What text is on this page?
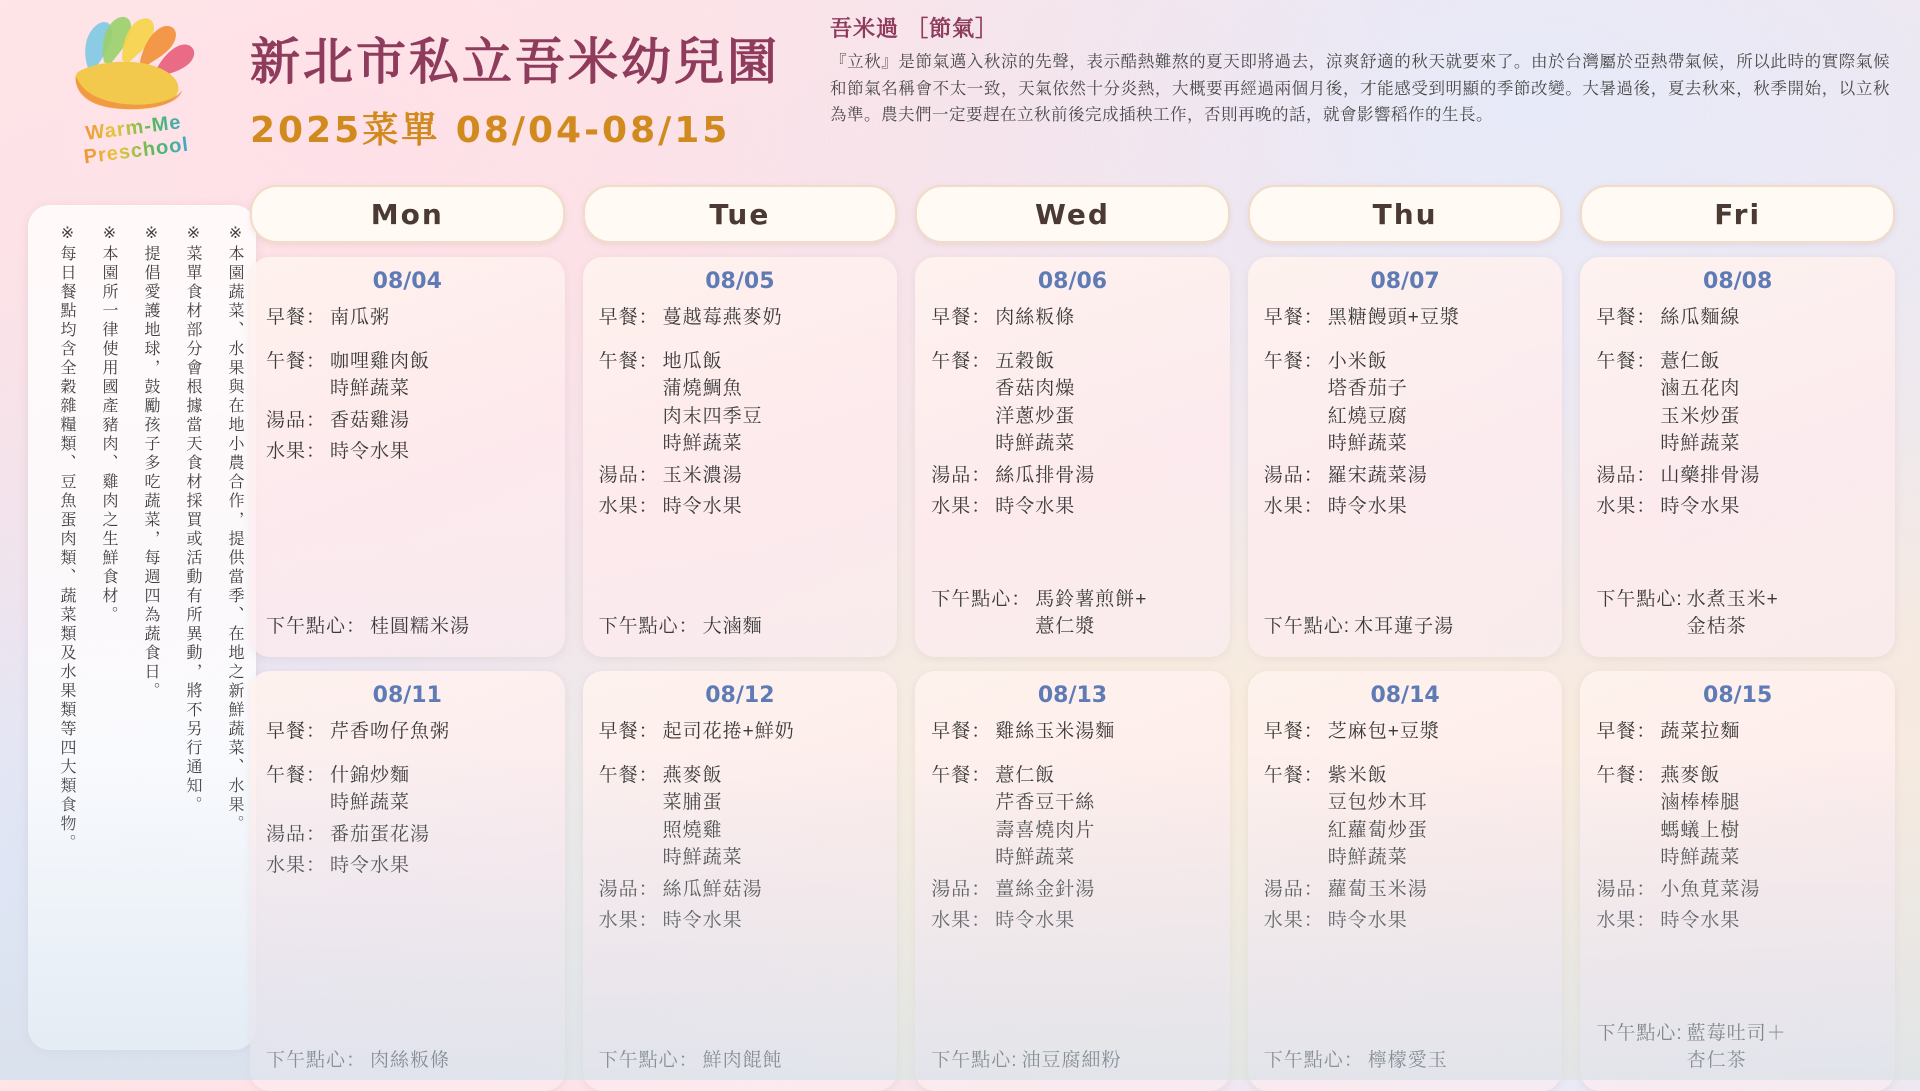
Warm-Me Preschool
新北市私立吾米幼兒園
2025菜單 08/04-08/15
吾米過 ［節氣］
『立秋』是節氣邁入秋涼的先聲，表示酷熱難熬的夏天即將過去，涼爽舒適的秋天就要來了。由於台灣屬於亞熱帶氣候，所以此時的實際氣候和節氣名稱會不太一致，天氣依然十分炎熱，大概要再經過兩個月後，才能感受到明顯的季節改變。大暑過後，夏去秋來，秋季開始，以立秋為準。農夫們一定要趕在立秋前後完成插秧工作，否則再晚的話，就會影響稻作的生長。
※本園蔬菜、水果與在地小農合作，提供當季、在地之新鮮蔬菜、水果。
※菜單食材部分會根據當天食材採買或活動有所異動，將不另行通知。
※提倡愛護地球，鼓勵孩子多吃蔬菜，每週四為蔬食日。
※本園所一律使用國產豬肉、雞肉之生鮮食材。
※每日餐點均含全穀雜糧類、豆魚蛋肉類、蔬菜類及水果類等四大類食物。
Mon	Tue	Wed	Thu	Fri
08/04
早餐： 南瓜粥
午餐： 咖哩雞肉飯
時鮮蔬菜
湯品： 香菇雞湯
水果： 時令水果
下午點心： 桂圓糯米湯
08/05
早餐： 蔓越莓燕麥奶
午餐： 地瓜飯
蒲燒鯛魚
肉末四季豆
時鮮蔬菜
湯品： 玉米濃湯
水果： 時令水果
下午點心： 大滷麵
08/06
早餐： 肉絲粄條
午餐： 五穀飯
香菇肉燥
洋蔥炒蛋
時鮮蔬菜
湯品： 絲瓜排骨湯
水果： 時令水果
下午點心： 馬鈴薯煎餅+
薏仁漿
08/07
早餐： 黑糖饅頭+豆漿
午餐： 小米飯
塔香茄子
紅燒豆腐
時鮮蔬菜
湯品： 羅宋蔬菜湯
水果： 時令水果
下午點心: 木耳蓮子湯
08/08
早餐： 絲瓜麵線
午餐： 薏仁飯
滷五花肉
玉米炒蛋
時鮮蔬菜
湯品： 山藥排骨湯
水果： 時令水果
下午點心: 水煮玉米+
金桔茶
08/11
早餐： 芹香吻仔魚粥
午餐： 什錦炒麵
時鮮蔬菜
湯品： 番茄蛋花湯
水果： 時令水果
下午點心： 肉絲粄條
08/12
早餐： 起司花捲+鮮奶
午餐： 燕麥飯
菜脯蛋
照燒雞
時鮮蔬菜
湯品： 絲瓜鮮菇湯
水果： 時令水果
下午點心： 鮮肉餛飩
08/13
早餐： 雞絲玉米湯麵
午餐： 薏仁飯
芹香豆干絲
壽喜燒肉片
時鮮蔬菜
湯品： 薑絲金針湯
水果： 時令水果
下午點心: 油豆腐細粉
08/14
早餐： 芝麻包+豆漿
午餐： 紫米飯
豆包炒木耳
紅蘿蔔炒蛋
時鮮蔬菜
湯品： 蘿蔔玉米湯
水果： 時令水果
下午點心： 檸檬愛玉
08/15
早餐： 蔬菜拉麵
午餐： 燕麥飯
滷棒棒腿
螞蟻上樹
時鮮蔬菜
湯品： 小魚莧菜湯
水果： 時令水果
下午點心: 藍莓吐司＋
杏仁茶
